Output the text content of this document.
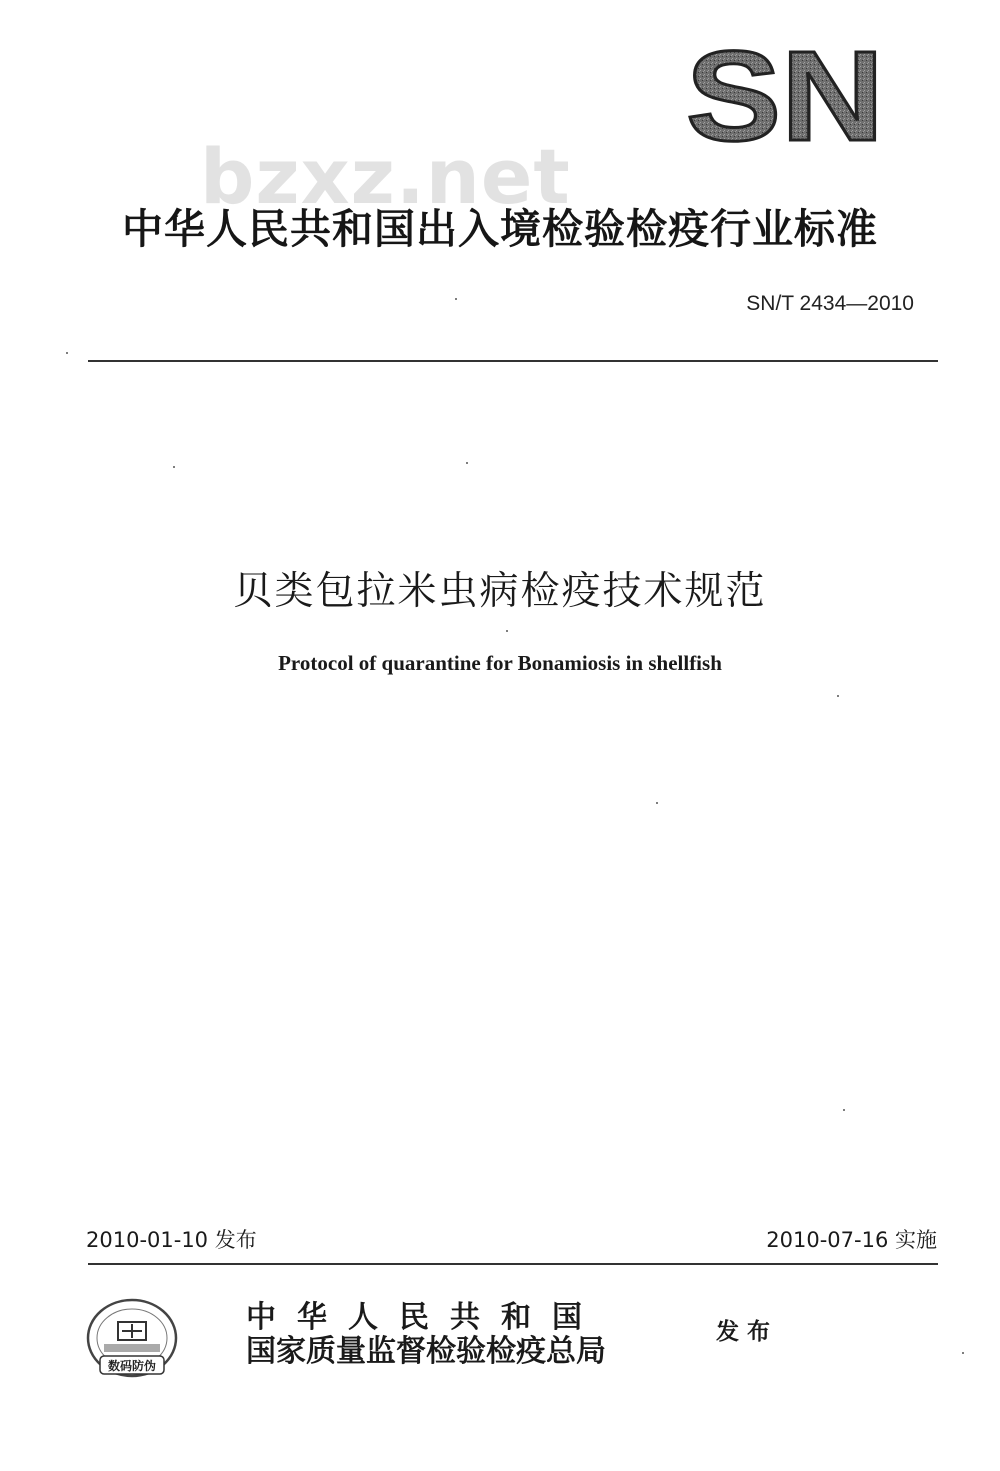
SN
bzxz.net
中华人民共和国出入境检验检疫行业标准
SN/T 2434—2010
贝类包拉米虫病检疫技术规范
Protocol of quarantine for Bonamiosis in shellfish
2010-01-10 发布	2010-07-16 实施
数码防伪
中华人民共和国
国家质量监督检验检疫总局
发布
